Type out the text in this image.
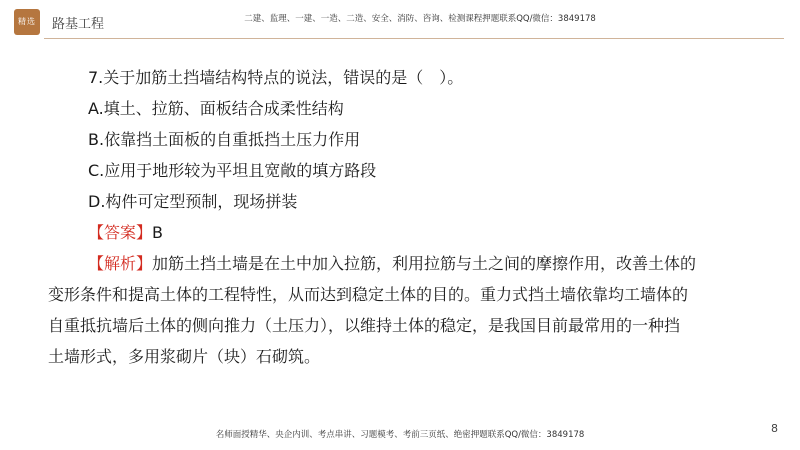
精选	路基工程	二建、监理、一建、一造、二造、安全、消防、咨询、检测课程押题联系QQ/微信：3849178
7.关于加筋土挡墙结构特点的说法，错误的是（　）。
A.填土、拉筋、面板结合成柔性结构
B.依靠挡土面板的自重抵挡土压力作用
C.应用于地形较为平坦且宽敞的填方路段
D.构件可定型预制，现场拼装
【答案】B
【解析】加筋土挡土墙是在土中加入拉筋，利用拉筋与土之间的摩擦作用，改善土体的
变形条件和提高土体的工程特性，从而达到稳定土体的目的。重力式挡土墙依靠均工墙体的
自重抵抗墙后土体的侧向推力（土压力），以维持土体的稳定，是我国目前最常用的一种挡
土墙形式，多用浆砌片（块）石砌筑。
8
名师面授精华、央企内训、考点串讲、习题模考、考前三页纸、绝密押题联系QQ/微信：3849178
